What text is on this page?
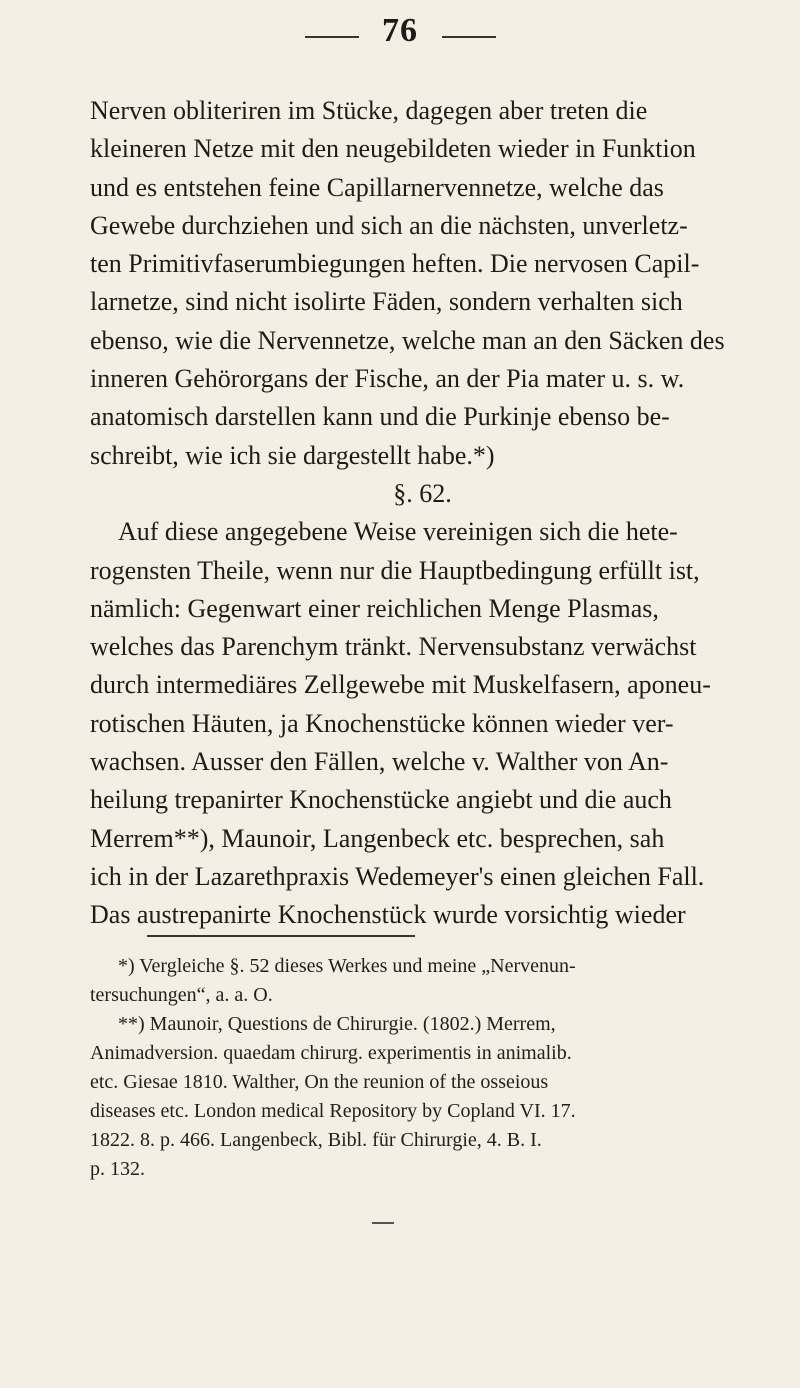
76
Nerven obliteriren im Stücke, dagegen aber treten die
kleineren Netze mit den neugebildeten wieder in Funktion
und es entstehen feine Capillarnervennetze, welche das
Gewebe durchziehen und sich an die nächsten, unverletz-
ten Primitivfaserumbiegungen heften. Die nervosen Capil-
larnetze, sind nicht isolirte Fäden, sondern verhalten sich
ebenso, wie die Nervennetze, welche man an den Säcken des
inneren Gehörorgans der Fische, an der Pia mater u. s. w.
anatomisch darstellen kann und die Purkinje ebenso be-
schreibt, wie ich sie dargestellt habe.*)
§. 62.
Auf diese angegebene Weise vereinigen sich die hete-
rogensten Theile, wenn nur die Hauptbedingung erfüllt ist,
nämlich: Gegenwart einer reichlichen Menge Plasmas,
welches das Parenchym tränkt. Nervensubstanz verwächst
durch intermediäres Zellgewebe mit Muskelfasern, aponeu-
rotischen Häuten, ja Knochenstücke können wieder ver-
wachsen. Ausser den Fällen, welche v. Walther von An-
heilung trepanirter Knochenstücke angiebt und die auch
Merrem**), Maunoir, Langenbeck etc. besprechen, sah
ich in der Lazarethpraxis Wedemeyer's einen gleichen Fall.
Das austrepanirte Knochenstück wurde vorsichtig wieder
*) Vergleiche §. 52 dieses Werkes und meine „Nervenun-
tersuchungen“, a. a. O.
**) Maunoir, Questions de Chirurgie. (1802.) Merrem,
Animadversion. quaedam chirurg. experimentis in animalib.
etc. Giesae 1810. Walther, On the reunion of the osseious
diseases etc. London medical Repository by Copland VI. 17.
1822. 8. p. 466. Langenbeck, Bibl. für Chirurgie, 4. B. I.
p. 132.
